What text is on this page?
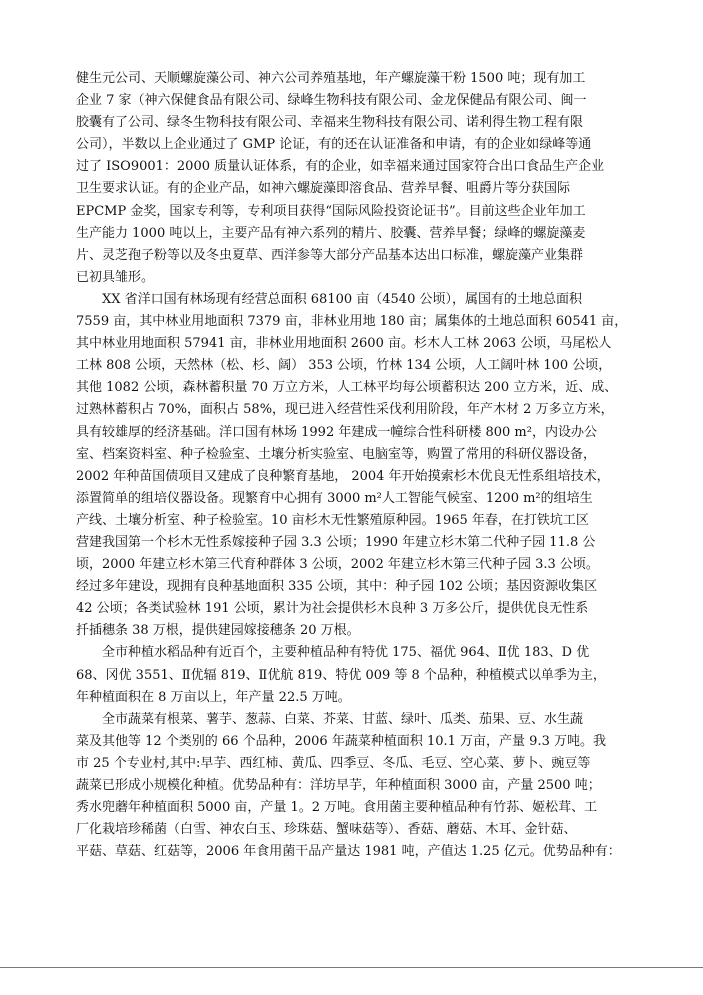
健生元公司、天顺螺旋藻公司、神六公司养殖基地，年产螺旋藻干粉 1500 吨；现有加工
企业 7 家（神六保健食品有限公司、绿峰生物科技有限公司、金龙保健品有限公司、闽一
胶囊有了公司、绿冬生物科技有限公司、幸福来生物科技有限公司、诺利得生物工程有限
公司），半数以上企业通过了 GMP 论证，有的还在认证准备和申请，有的企业如绿峰等通
过了 ISO9001：2000 质量认证体系，有的企业，如幸福来通过国家符合出口食品生产企业
卫生要求认证。有的企业产品，如神六螺旋藻即溶食品、营养早餐、咀爵片等分获国际
EPCMP 金奖，国家专利等，专利项目获得“国际风险投资论证书”。目前这些企业年加工
生产能力 1000 吨以上，主要产品有神六系列的精片、胶囊、营养早餐；绿峰的螺旋藻麦
片、灵芝孢子粉等以及冬虫夏草、西洋参等大部分产品基本达出口标准，螺旋藻产业集群
已初具雏形。
XX 省洋口国有林场现有经营总面积 68100 亩（4540 公顷），属国有的土地总面积
7559 亩，其中林业用地面积 7379 亩，非林业用地 180 亩；属集体的土地总面积 60541 亩，
其中林业用地面积 57941 亩，非林业用地面积 2600 亩。杉木人工林 2063 公顷，马尾松人
工林 808 公顷，天然林（松、杉、阔） 353 公顷，竹林 134 公顷，人工阔叶林 100 公顷，
其他 1082 公顷，森林蓄积量 70 万立方米，人工林平均每公顷蓄积达 200 立方米，近、成、
过熟林蓄积占 70%，面积占 58%，现已进入经营性采伐利用阶段，年产木材 2 万多立方米，
具有较雄厚的经济基础。洋口国有林场 1992 年建成一幢综合性科研楼 800 m²，内设办公
室、档案资料室、种子检验室、土壤分析实验室、电脑室等，购置了常用的科研仪器设备，
2002 年种苗国债项目又建成了良种繁育基地， 2004 年开始摸索杉木优良无性系组培技术，
添置简单的组培仪器设备。现繁育中心拥有 3000 m²人工智能气候室、1200 m²的组培生
产线、土壤分析室、种子检验室。10 亩杉木无性繁殖原种园。1965 年春，在打铁坑工区
营建我国第一个杉木无性系嫁接种子园 3.3 公顷；1990 年建立杉木第二代种子园 11.8 公
顷，2000 年建立杉木第三代育种群体 3 公顷，2002 年建立杉木第三代种子园 3.3 公顷。
经过多年建设，现拥有良种基地面积 335 公顷，其中：种子园 102 公顷；基因资源收集区
42 公顷；各类试验林 191 公顷，累计为社会提供杉木良种 3 万多公斤，提供优良无性系
扦插穗条 38 万根，提供建园嫁接穗条 20 万根。
全市种植水稻品种有近百个，主要种植品种有特优 175、福优 964、Ⅱ优 183、D 优
68、冈优 3551、Ⅱ优辐 819、Ⅱ优航 819、特优 009 等 8 个品种，种植模式以单季为主，
年种植面积在 8 万亩以上，年产量 22.5 万吨。
全市蔬菜有根菜、薯芋、葱蒜、白菜、芥菜、甘蓝、绿叶、瓜类、茄果、豆、水生蔬
菜及其他等 12 个类别的 66 个品种，2006 年蔬菜种植面积 10.1 万亩，产量 9.3 万吨。我
市 25 个专业村,其中:早芋、西红柿、黄瓜、四季豆、冬瓜、毛豆、空心菜、萝卜、豌豆等
蔬菜已形成小规模化种植。优势品种有：洋坊早芋，年种植面积 3000 亩，产量 2500 吨；
秀水兜蘑年种植面积 5000 亩，产量 1。2 万吨。食用菌主要种植品种有竹荪、姬松茸、工
厂化栽培珍稀菌（白雪、神农白玉、珍珠菇、蟹味菇等）、香菇、蘑菇、木耳、金针菇、
平菇、草菇、红菇等，2006 年食用菌干品产量达 1981 吨，产值达 1.25 亿元。优势品种有：
